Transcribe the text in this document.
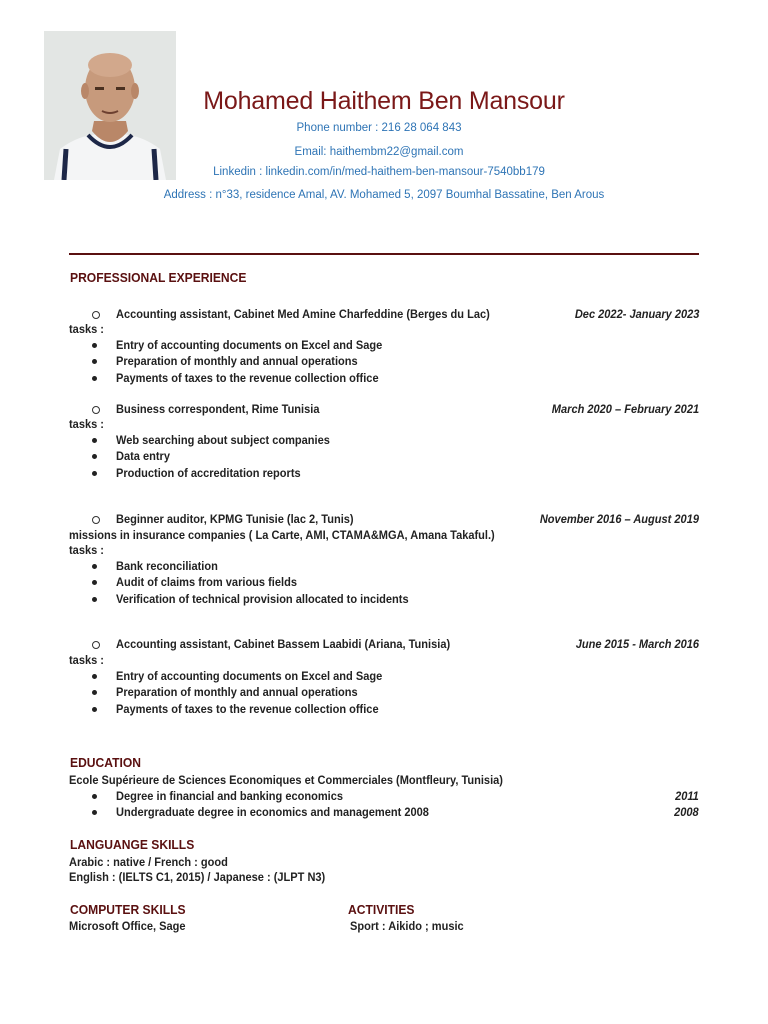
Mohamed Haithem Ben Mansour
Phone number : 216 28 064 843
Email: haithembm22@gmail.com
Linkedin : linkedin.com/in/med-haithem-ben-mansour-7540bb179
Address : n°33, residence Amal, AV. Mohamed 5, 2097 Boumhal Bassatine, Ben Arous
PROFESSIONAL EXPERIENCE
Accounting assistant, Cabinet Med Amine Charfeddine (Berges du Lac)	Dec 2022- January 2023
tasks :
Entry of accounting documents on Excel and Sage
Preparation of monthly and annual operations
Payments of taxes to the revenue collection office
Business correspondent, Rime Tunisia	March 2020 – February 2021
tasks :
Web searching about subject companies
Data entry
Production of accreditation reports
Beginner auditor, KPMG Tunisie (lac 2, Tunis)	November 2016 – August 2019
missions in insurance companies ( La Carte, AMI, CTAMA&MGA, Amana Takaful.)
tasks :
Bank reconciliation
Audit of claims from various fields
Verification of technical provision allocated to incidents
Accounting assistant, Cabinet Bassem Laabidi (Ariana, Tunisia)	June 2015 - March 2016
tasks :
Entry of accounting documents on Excel and Sage
Preparation of monthly and annual operations
Payments of taxes to the revenue collection office
EDUCATION
Ecole Supérieure de Sciences Economiques et Commerciales (Montfleury, Tunisia)
Degree in financial and banking economics	2011
Undergraduate degree in economics and management 2008	2008
LANGUANGE SKILLS
Arabic : native / French : good
English : (IELTS C1, 2015) / Japanese : (JLPT N3)
COMPUTER SKILLS
Microsoft Office, Sage
ACTIVITIES
Sport : Aikido ; music
